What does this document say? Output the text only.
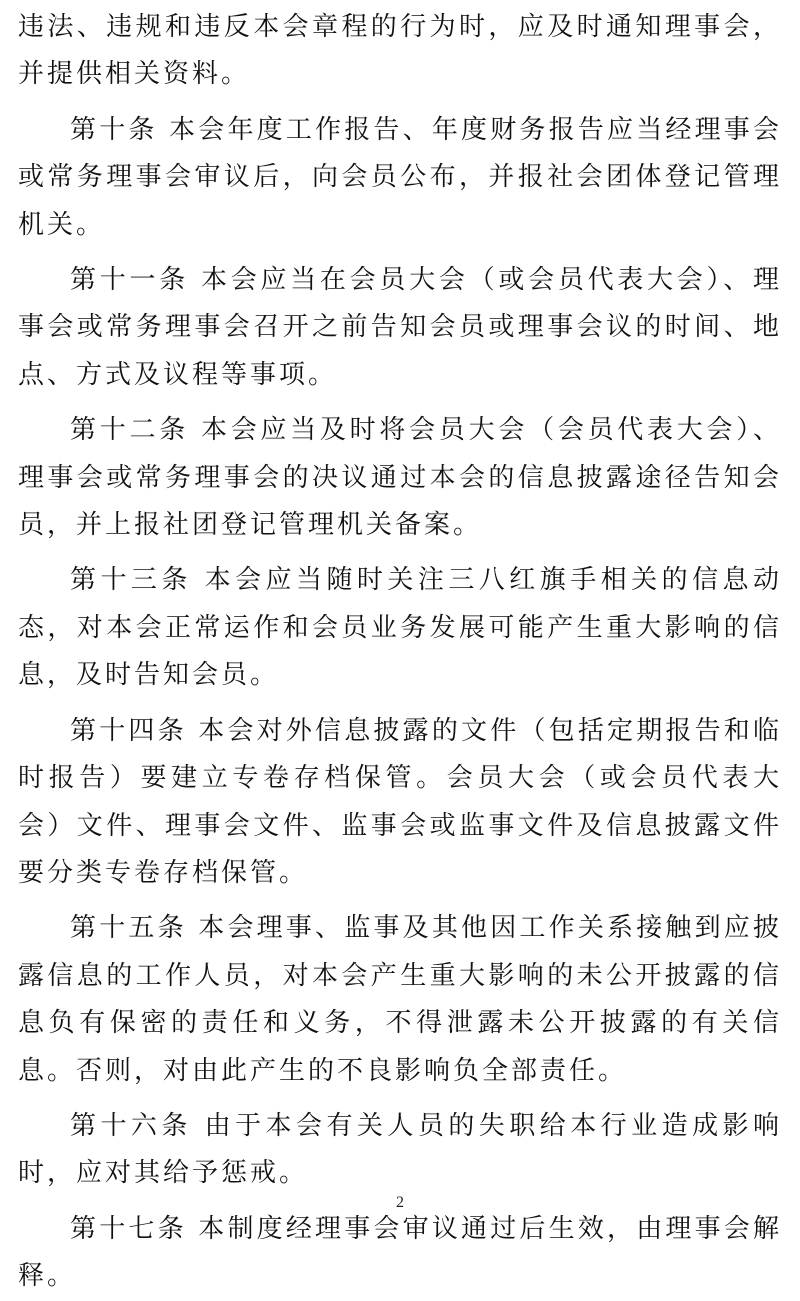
违法、违规和违反本会章程的行为时，应及时通知理事会，并提供相关资料。

第十条 本会年度工作报告、年度财务报告应当经理事会或常务理事会审议后，向会员公布，并报社会团体登记管理机关。

第十一条 本会应当在会员大会（或会员代表大会）、理事会或常务理事会召开之前告知会员或理事会议的时间、地点、方式及议程等事项。

第十二条 本会应当及时将会员大会（会员代表大会）、理事会或常务理事会的决议通过本会的信息披露途径告知会员，并上报社团登记管理机关备案。

第十三条 本会应当随时关注三八红旗手相关的信息动态，对本会正常运作和会员业务发展可能产生重大影响的信息，及时告知会员。

第十四条 本会对外信息披露的文件（包括定期报告和临时报告）要建立专卷存档保管。会员大会（或会员代表大会）文件、理事会文件、监事会或监事文件及信息披露文件要分类专卷存档保管。

第十五条 本会理事、监事及其他因工作关系接触到应披露信息的工作人员，对本会产生重大影响的未公开披露的信息负有保密的责任和义务，不得泄露未公开披露的有关信息。否则，对由此产生的不良影响负全部责任。

第十六条 由于本会有关人员的失职给本行业造成影响时，应对其给予惩戒。

第十七条 本制度经理事会审议通过后生效，由理事会解释。

2
